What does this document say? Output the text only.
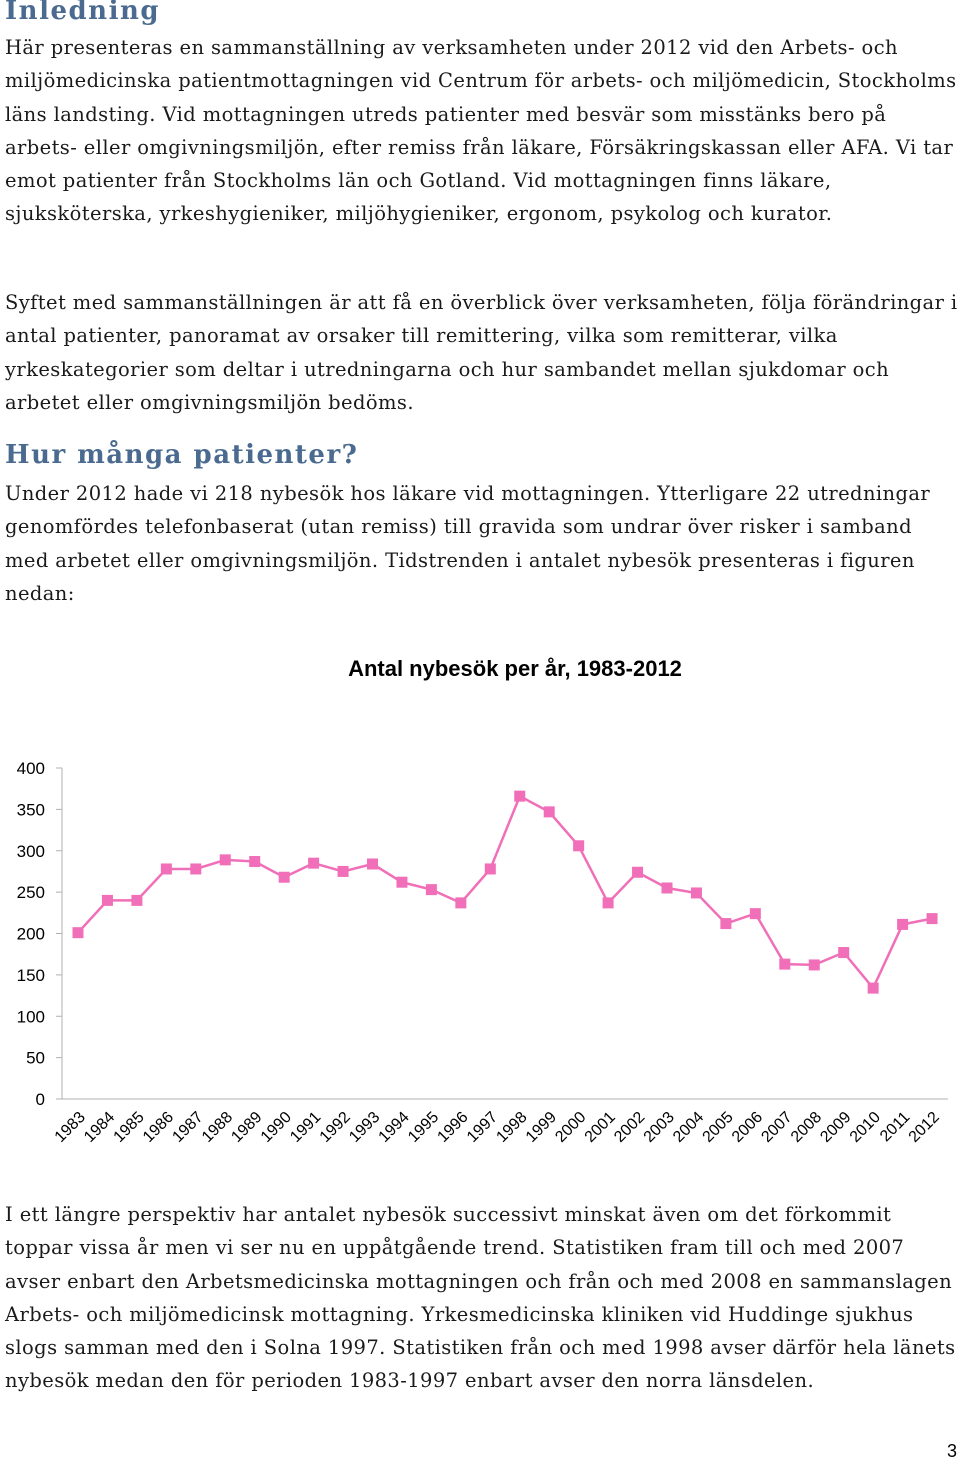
Inledning

Här presenteras en sammanställning av verksamheten under 2012 vid den Arbets- och miljömedicinska patientmottagningen vid Centrum för arbets- och miljömedicin, Stockholms läns landsting. Vid mottagningen utreds patienter med besvär som misstänks bero på arbets- eller omgivningsmiljön, efter remiss från läkare, Försäkringskassan eller AFA. Vi tar emot patienter från Stockholms län och Gotland. Vid mottagningen finns läkare, sjuksköterska, yrkeshygieniker, miljöhygieniker, ergonom, psykolog och kurator.

Syftet med sammanställningen är att få en överblick över verksamheten, följa förändringar i antal patienter, panoramat av orsaker till remittering, vilka som remitterar, vilka yrkeskategorier som deltar i utredningarna och hur sambandet mellan sjukdomar och arbetet eller omgivningsmiljön bedöms.

Hur många patienter?

Under 2012 hade vi 218 nybesök hos läkare vid mottagningen. Ytterligare 22 utredningar genomfördes telefonbaserat (utan remiss) till gravida som undrar över risker i samband med arbetet eller omgivningsmiljön. Tidstrenden i antalet nybesök presenteras i figuren nedan:

Antal nybesök per år, 1983-2012
0
50
100
150
200
250
300
350
400
1983
1984
1985
1986
1987
1988
1989
1990
1991
1992
1993
1994
1995
1996
1997
1998
1999
2000
2001
2002
2003
2004
2005
2006
2007
2008
2009
2010
2011
2012

I ett längre perspektiv har antalet nybesök successivt minskat även om det förkommit toppar vissa år men vi ser nu en uppåtgående trend. Statistiken fram till och med 2007 avser enbart den Arbetsmedicinska mottagningen och från och med 2008 en sammanslagen Arbets- och miljömedicinsk mottagning. Yrkesmedicinska kliniken vid Huddinge sjukhus slogs samman med den i Solna 1997. Statistiken från och med 1998 avser därför hela länets nybesök medan den för perioden 1983-1997 enbart avser den norra länsdelen.

3
